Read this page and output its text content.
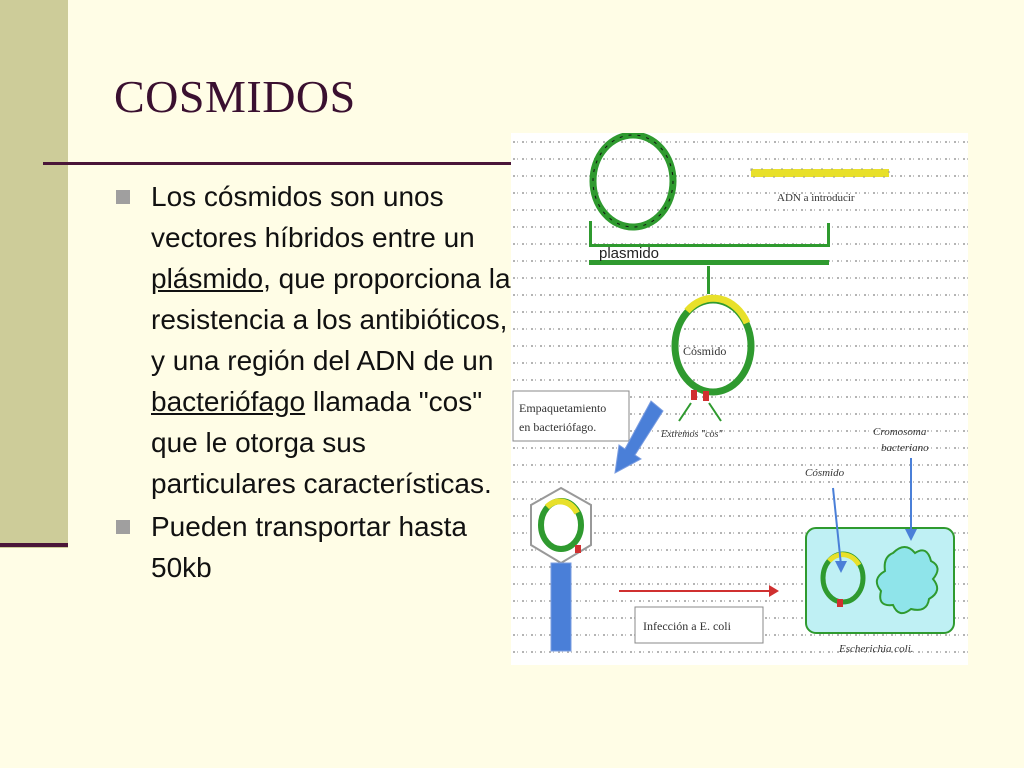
COSMIDOS
Los cósmidos son unos vectores híbridos entre un plásmido, que proporciona la resistencia a los antibióticos, y una región del ADN de un bacteriófago llamada "cos" que le otorga sus particulares características.
Pueden transportar hasta 50kb
plasmido
ADN a introducir
Cósmido
Extremos "cos"
Empaquetamiento
en bacteriófago.
Infección a E. coli
Cósmido
Cromosoma
bacteriano
Escherichia coli.
